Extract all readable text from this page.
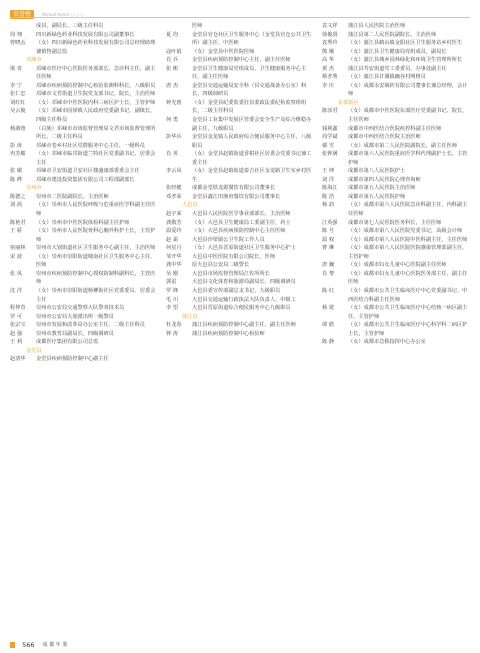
荣誉榜	Annual Honor ○ ○ ○
成县，副局长、三级主任科员
周 翔	四川新绿色药业科技发展有限公司副董事长
曾晓丢	（女）四川新绿色药业科技发展有限公司总经理助理兼销售副总监
邛崃市
梁 奇	邛崃市医疗中心医院医务部部长、急诊科主任，副主任医师
李 宁	邛崃市疾病预防控制中心检验监测科科长，八级职员
张仁忠	邛崃市文君街道卫生院党支部书记、院长，主治医师
刘红红	（女）邛崃市中医医院内科三病区护士长，主管护师
吴云俊	（女）邛崃市固驿镇人民政府党委副书记、副镇长，四级主任科员
杨淑蓉	（白族）邛崃市市场监督管理局文君市场监督管理所所长，二级主任科员
彭 涛	邛崃市卷乡村社区党群服务中心主任，一级科员
冉芳媚	（女）邛崃市临邛街道兰特社区党委副书记、居委会主任
张 敏	邛崃市卫安街道卫安社区楼盛康部委委会主任
陈 晔	邛崃市建设投资集团有限公司工程部副部长
崇州市
陈德之	崇州市二医院副院长，主治医师
刘 茜	（女）崇州市人民医院呼吸与危重症医学科副主任医师
陈艳君	（女）崇州市中医医院体检科副主任护师
王 骄	（女）崇州市人民医院骨科心胸外科护士长，主管护师
宿丽林	崇州市大划街道社区卫生服务中心副主任，主治医师
宋 波	（女）崇州市崇阳街道城南社区卫生服务中心主任、医师
张 凤	崇州市疾病预防控制中心授权防制科副科长，主管医师
沈 洋	（女）崇州市崇阳街道杨柳街社区党委委员、居委会主任
程仲奇	崇州市公安局交通警察大队警务技术员
罗 可	崇州市公安局大划派出所一级警员
张宗宝	崇州市发展和改革局办公室主任、二级主任科员
赵 强	崇州市教育局副局长，四级调研员
王 利	成都医疗集团有限公司总监
金堂县
赵清华	金堂县疾病预防控制中心副主任
医师
夏 均	金堂县官仓社区卫生服务中心（金堂县官仓公共卫生所）副主任、中医师
寇叶娟	（女）金堂县中医医院医师
肖 兵	金堂县疾病预防控制中心主任，副主任医师
张 彬	金堂县卫生健康局党组成员、卫生健康服务中心主任，副主任医师
唐 杰	金堂县交通运输局安全科（县交通战备办公室）科长，四级调研员
钟光惠	（女）金堂县纪委监委驻县委政法委纪检监察组组长，二级主任科员
何 勇	金堂县工业集中发展区管委会安全生产及综合维稳办副主任，九级职员
彭华兵	金堂县金龙镇人民政府综合便民服务中心主任，八级职员
肖 英	（女）金堂县赵镇街道香柑社区居委会党委书记兼工委主任
李云凤	（女）金堂县赵镇街道泰吉社区金龙路卫生室乡村医生
张经健	成都金堂铁龙源餐饮有限公司董事长
邓孝荣	金堂县鑫江田渔府餐饮有限公司董事长
大邑县
赵宇来	大邑县人民医院医学事业部部长、主治医师
龚敬芳	（女）大邑县卫生健康局工委副主任，药士
温爱玲	（女）大邑县疾病预防控制中心主任医师
赵 霜	大邑县沙渠镇公卫生院工作人员
何星月	（女）大邑县晋原街道社区卫生服务中心护士
邹开华	大邑县中医医院有限公司院长、医师
龚中华	原大邑县公安局二级警长
吴 刚	大邑县市场监督管理局江佐所所长
郭雷	大邑县文化体育和旅游局副局长、四级调研员
罗 锋	大邑县委宣传部副总支书记、九级职员
毛 川	大邑县交通运输行政执法大队负责人、中级工
李 望	大邑县晋原街道综合便民服务中心九级职员
蒲江县
杜龙春	蒲江县疾病预防控制中心副主任，副主任医师
钟 涛	蒲江县疾病预防控制中心检验师
袁文祥	蒲江县人民医院主治医师
徐俊贤	蒲江县第二人民医院副院长，主治医师
袁秀玲	（女）蒲江县鹤山镇金阳社区卫生服务站乡村医生
熊 娥	（女）蒲江县卫生健康局党组成员，副局长
高 华	（女）蒲江县城乡园林绿化和环境卫生管理所所长
黄 杰	蒲江县寿安街道党工委委员、办事处副主任
蔡孝秀	（女）蒲江县甘溪镇幽谷村网格员
李 庆	（女）成都永安制药有限公司董事长兼总经理，会计师
东部新区
陈泽君	（女）成都市中医医院东部医疗党委副书记、院长，主任医师
钱利鑫	成都市中西医结合医院疾控科副主任医师
周学斌	成都市中西医结合医院主治医师
谢 雪	（女）成都市第二人民医院副院长，副主任医师
张钟满	成都市第六人民医院重症医学科代理副护士长，主管护师
王 坤	成都市第八人民医院护士
刘 洋	成都市第四人民医院心理咨询师
陈海江	成都市第五人民医院主治医师
陈 浩	成都市第五人民医院护师
杨 韵	（女）成都市第六人民医院急诊科副主任，内科副主任医师
江英强	成都市第七人民医院医务科长，主任医师
陈 号	（女）成都市第八人民医院党委书记，高级会计师
温 权	（女）成都市第八人民医院中医科副主任，主任医师
曹 琳	（女）成都市第八人民医院医院感染管理部副主任，主管护师
唐 巍	（女）成都市妇女儿童中心医院副主任医师
肖 黎	（女）成都市妇女儿童中心医院医务部主任，副主任医师
陈 红	（女）成都市公共卫生临床医疗中心党委副书记、中西医结合科副主任医师
杨 铣	（女）成都市公共卫生临床医疗中心结核一病区副主任，主管护师
谭 皓	（女）成都市公共卫生临床医疗中心科学科二病区护士长，主管护师
陈 静	（女）成都市急救指挥中心办公室
566 成 都 年 鉴
